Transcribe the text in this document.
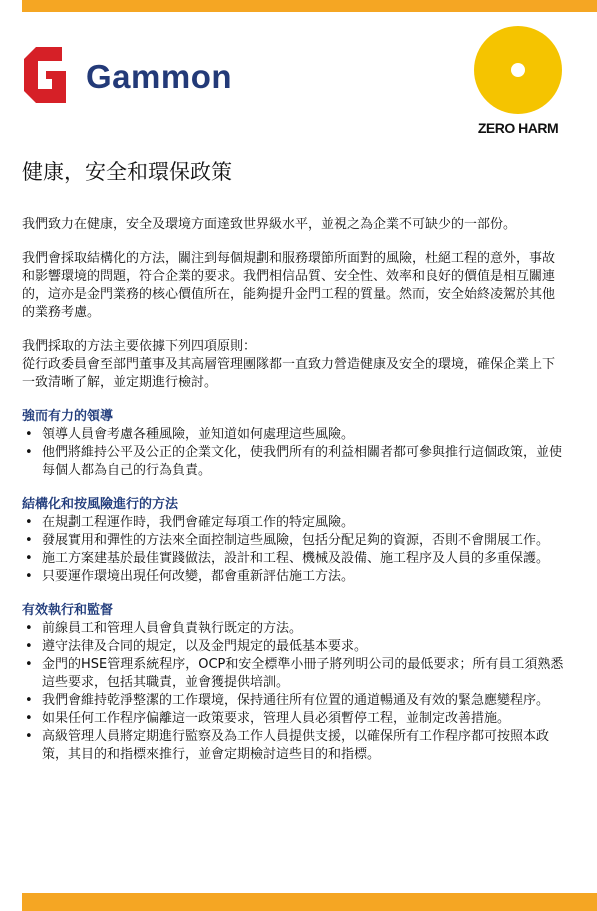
Gammon
ZERO HARM
健康，安全和環保政策

我們致力在健康，安全及環境方面達致世界級水平，並視之為企業不可缺少的一部份。

我們會採取結構化的方法，關注到每個規劃和服務環節所面對的風險，杜絕工程的意外，事故和影響環境的問題，符合企業的要求。我們相信品質、安全性、效率和良好的價值是相互關連的，這亦是金門業務的核心價值所在，能夠提升金門工程的質量。然而，安全始終凌駕於其他的業務考慮。

我們採取的方法主要依據下列四項原則：
從行政委員會至部門董事及其高層管理團隊都一直致力營造健康及安全的環境，確保企業上下一致清晰了解，並定期進行檢討。

強而有力的領導
• 領導人員會考慮各種風險，並知道如何處理這些風險。
• 他們將維持公平及公正的企業文化，使我們所有的利益相關者都可參與推行這個政策，並使每個人都為自己的行為負責。
結構化和按風險進行的方法
• 在規劃工程運作時，我們會確定每項工作的特定風險。
• 發展實用和彈性的方法來全面控制這些風險，包括分配足夠的資源，否則不會開展工作。
• 施工方案建基於最佳實踐做法，設計和工程、機械及設備、施工程序及人員的多重保護。
• 只要運作環境出現任何改變，都會重新評估施工方法。
有效執行和監督
• 前線員工和管理人員會負責執行既定的方法。
• 遵守法律及合同的規定，以及金門規定的最低基本要求。
• 金門的HSE管理系統程序，OCP和安全標準小冊子將列明公司的最低要求；所有員工須熟悉這些要求，包括其職責，並會獲提供培訓。
• 我們會維持乾淨整潔的工作環境，保持通往所有位置的通道暢通及有效的緊急應變程序。
• 如果任何工作程序偏離這一政策要求，管理人員必須暫停工程，並制定改善措施。
• 高級管理人員將定期進行監察及為工作人員提供支援，以確保所有工作程序都可按照本政策，其目的和指標來推行，並會定期檢討這些目的和指標。
